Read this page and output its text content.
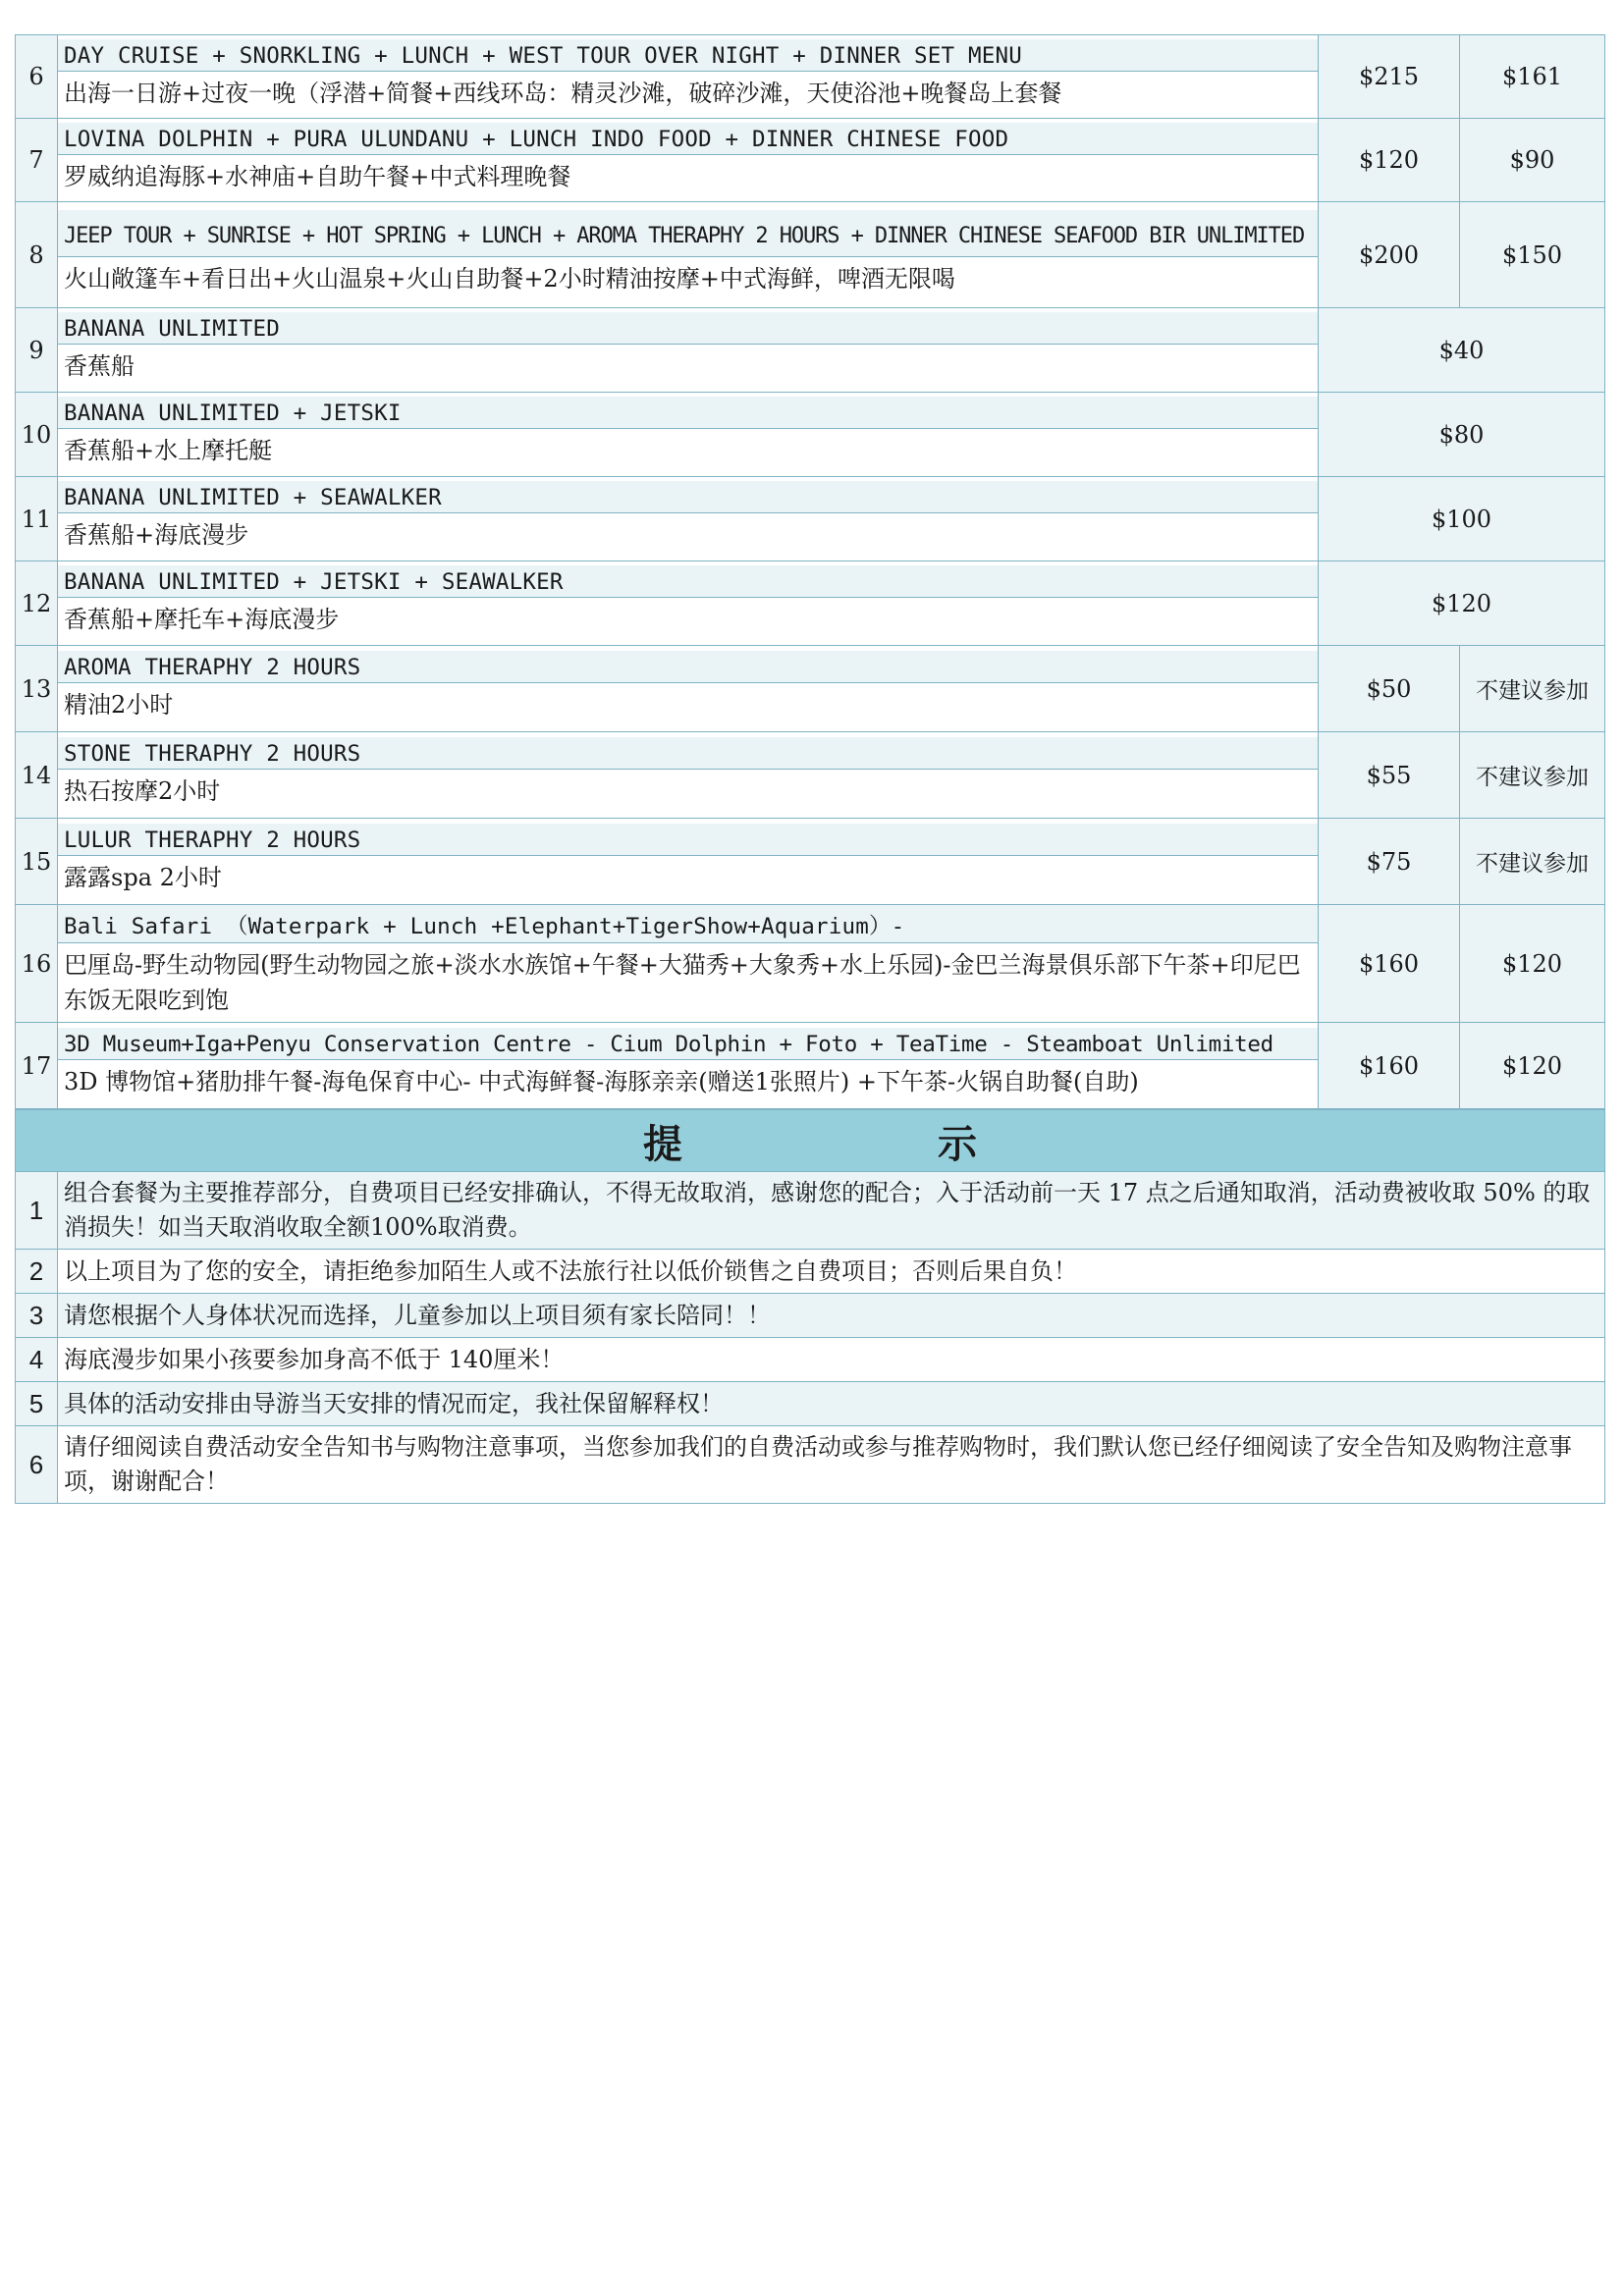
6	DAY CRUISE + SNORKLING + LUNCH + WEST TOUR OVER NIGHT + DINNER SET MENU
出海一日游+过夜一晚（浮潜+简餐+西线环岛：精灵沙滩，破碎沙滩，天使浴池+晚餐岛上套餐	$215	$161
7	LOVINA DOLPHIN + PURA ULUNDANU + LUNCH INDO FOOD + DINNER CHINESE FOOD
罗威纳追海豚+水神庙+自助午餐+中式料理晚餐	$120	$90
8	JEEP TOUR + SUNRISE + HOT SPRING + LUNCH + AROMA THERAPHY 2 HOURS + DINNER CHINESE SEAFOOD BIR UNLIMITED
火山敞篷车+看日出+火山温泉+火山自助餐+2小时精油按摩+中式海鲜，啤酒无限喝	$200	$150
9	BANANA UNLIMITED
香蕉船	$40	
10	BANANA UNLIMITED + JETSKI
香蕉船+水上摩托艇	$80	
11	BANANA UNLIMITED + SEAWALKER
香蕉船+海底漫步	$100	
12	BANANA UNLIMITED + JETSKI + SEAWALKER
香蕉船+摩托车+海底漫步	$120	
13	AROMA THERAPHY 2 HOURS
精油2小时	$50	不建议参加
14	STONE THERAPHY 2 HOURS
热石按摩2小时	$55	不建议参加
15	LULUR THERAPHY 2 HOURS
露露spa 2小时	$75	不建议参加
16	Bali Safari （Waterpark + Lunch +Elephant+TigerShow+Aquarium）-
巴厘岛-野生动物园(野生动物园之旅+淡水水族馆+午餐+大猫秀+大象秀+水上乐园)-金巴兰海景俱乐部下午茶+印尼巴东饭无限吃到饱	$160	$120
17	3D Museum+Iga+Penyu Conservation Centre - Cium Dolphin + Foto + TeaTime - Steamboat Unlimited
3D 博物馆+猪肋排午餐-海龟保育中心- 中式海鲜餐-海豚亲亲(赠送1张照片) +下午茶-火锅自助餐(自助)	$160	$120
提示	
1	组合套餐为主要推荐部分，自费项目已经安排确认，不得无故取消，感谢您的配合；入于活动前一天 17 点之后通知取消，活动费被收取 50% 的取消损失！如当天取消收取全额100%取消费。
2	以上项目为了您的安全，请拒绝参加陌生人或不法旅行社以低价锁售之自费项目；否则后果自负！
3	请您根据个人身体状况而选择，儿童参加以上项目须有家长陪同！！
4	海底漫步如果小孩要参加身高不低于 140厘米！
5	具体的活动安排由导游当天安排的情况而定，我社保留解释权！
6	请仔细阅读自费活动安全告知书与购物注意事项，当您参加我们的自费活动或参与推荐购物时，我们默认您已经仔细阅读了安全告知及购物注意事项，谢谢配合！
